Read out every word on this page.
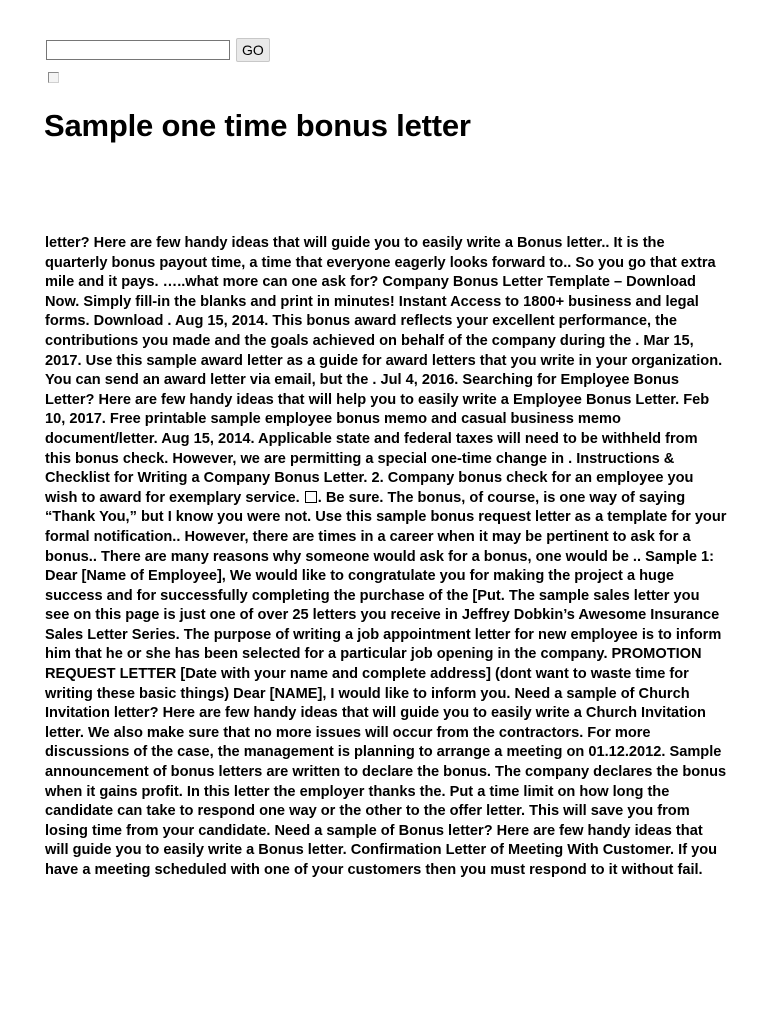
GO
Sample one time bonus letter

letter? Here are few handy ideas that will guide you to easily write a Bonus letter.. It is the quarterly bonus payout time, a time that everyone eagerly looks forward to.. So you go that extra mile and it pays. …..what more can one ask for? Company Bonus Letter Template – Download Now. Simply fill-in the blanks and print in minutes! Instant Access to 1800+ business and legal forms. Download . Aug 15, 2014. This bonus award reflects your excellent performance, the contributions you made and the goals achieved on behalf of the company during the . Mar 15, 2017. Use this sample award letter as a guide for award letters that you write in your organization. You can send an award letter via email, but the . Jul 4, 2016. Searching for Employee Bonus Letter? Here are few handy ideas that will help you to easily write a Employee Bonus Letter. Feb 10, 2017. Free printable sample employee bonus memo and casual business memo document/letter. Aug 15, 2014. Applicable state and federal taxes will need to be withheld from this bonus check. However, we are permitting a special one-time change in . Instructions & Checklist for Writing a Company Bonus Letter. 2. Company bonus check for an employee you wish to award for exemplary service. . Be sure. The bonus, of course, is one way of saying “Thank You,” but I know you were not. Use this sample bonus request letter as a template for your formal notification.. However, there are times in a career when it may be pertinent to ask for a bonus.. There are many reasons why someone would ask for a bonus, one would be .. Sample 1: Dear [Name of Employee], We would like to congratulate you for making the project a huge success and for successfully completing the purchase of the [Put. The sample sales letter you see on this page is just one of over 25 letters you receive in Jeffrey Dobkin’s Awesome Insurance Sales Letter Series. The purpose of writing a job appointment letter for new employee is to inform him that he or she has been selected for a particular job opening in the company. PROMOTION REQUEST LETTER [Date with your name and complete address] (dont want to waste time for writing these basic things) Dear [NAME], I would like to inform you. Need a sample of Church Invitation letter? Here are few handy ideas that will guide you to easily write a Church Invitation letter. We also make sure that no more issues will occur from the contractors. For more discussions of the case, the management is planning to arrange a meeting on 01.12.2012. Sample announcement of bonus letters are written to declare the bonus. The company declares the bonus when it gains profit. In this letter the employer thanks the. Put a time limit on how long the candidate can take to respond one way or the other to the offer letter. This will save you from losing time from your candidate. Need a sample of Bonus letter? Here are few handy ideas that will guide you to easily write a Bonus letter. Confirmation Letter of Meeting With Customer. If you have a meeting scheduled with one of your customers then you must respond to it without fail.
